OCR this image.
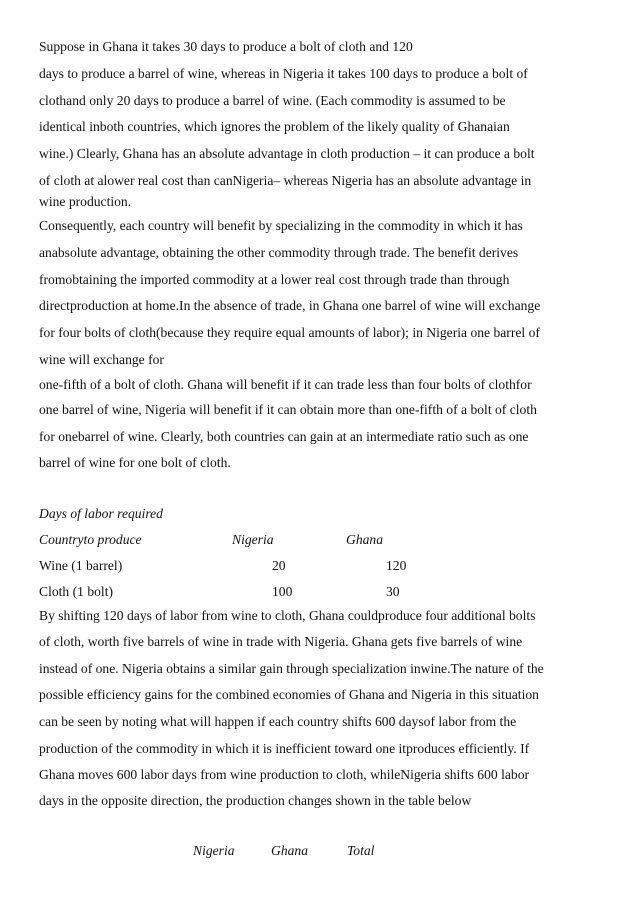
Suppose in Ghana it takes 30 days to produce a bolt of cloth and 120

days to produce a barrel of wine, whereas in Nigeria it takes 100 days to produce a bolt of

clothand only 20 days to produce a barrel of wine. (Each commodity is assumed to be

identical inboth countries, which ignores the problem of the likely quality of Ghanaian

wine.) Clearly, Ghana has an absolute advantage in cloth production – it can produce a bolt

of cloth at alower real cost than canNigeria– whereas Nigeria has an absolute advantage in

wine production.

Consequently, each country will benefit by specializing in the commodity in which it has

anabsolute advantage, obtaining the other commodity through trade. The benefit derives

fromobtaining the imported commodity at a lower real cost through trade than through

directproduction at home.In the absence of trade, in Ghana one barrel of wine will exchange

for four bolts of cloth(because they require equal amounts of labor); in Nigeria one barrel of

wine will exchange for

one-fifth of a bolt of cloth. Ghana will benefit if it can trade less than four bolts of clothfor

one barrel of wine, Nigeria will benefit if it can obtain more than one-fifth of a bolt of cloth

for onebarrel of wine. Clearly, both countries can gain at an intermediate ratio such as one

barrel of wine for one bolt of cloth.

Days of labor required

Countryto produce	Nigeria	Ghana

Wine (1 barrel)	20	120

Cloth (1 bolt)	100	30

By shifting 120 days of labor from wine to cloth, Ghana couldproduce four additional bolts

of cloth, worth five barrels of wine in trade with Nigeria. Ghana gets five barrels of wine

instead of one. Nigeria obtains a similar gain through specialization inwine.The nature of the

possible efficiency gains for the combined economies of Ghana and Nigeria in this situation

can be seen by noting what will happen if each country shifts 600 daysof labor from the

production of the commodity in which it is inefficient toward one itproduces efficiently. If

Ghana moves 600 labor days from wine production to cloth, whileNigeria shifts 600 labor

days in the opposite direction, the production changes shown in the table below

Nigeria	Ghana	Total
